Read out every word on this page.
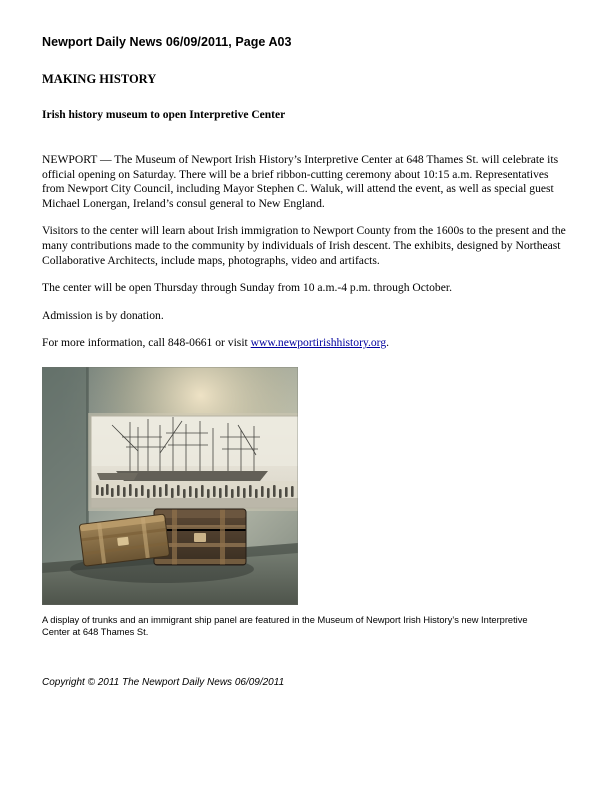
Newport Daily News 06/09/2011, Page A03
MAKING HISTORY
Irish history museum to open Interpretive Center

NEWPORT — The Museum of Newport Irish History’s Interpretive Center at 648 Thames St. will celebrate its official opening on Saturday. There will be a brief ribbon-cutting ceremony about 10:15 a.m. Representatives from Newport City Council, including Mayor Stephen C. Waluk, will attend the event, as well as special guest Michael Lonergan, Ireland’s consul general to New England.

Visitors to the center will learn about Irish immigration to Newport County from the 1600s to the present and the many contributions made to the community by individuals of Irish descent. The exhibits, designed by Northeast Collaborative Architects, include maps, photographs, video and artifacts.

The center will be open Thursday through Sunday from 10 a.m.-4 p.m. through October.

Admission is by donation.

For more information, call 848-0661 or visit www.newportirishhistory.org.

A display of trunks and an immigrant ship panel are featured in the Museum of Newport Irish History’s new Interpretive Center at 648 Thames St.
Copyright © 2011 The Newport Daily News 06/09/2011
